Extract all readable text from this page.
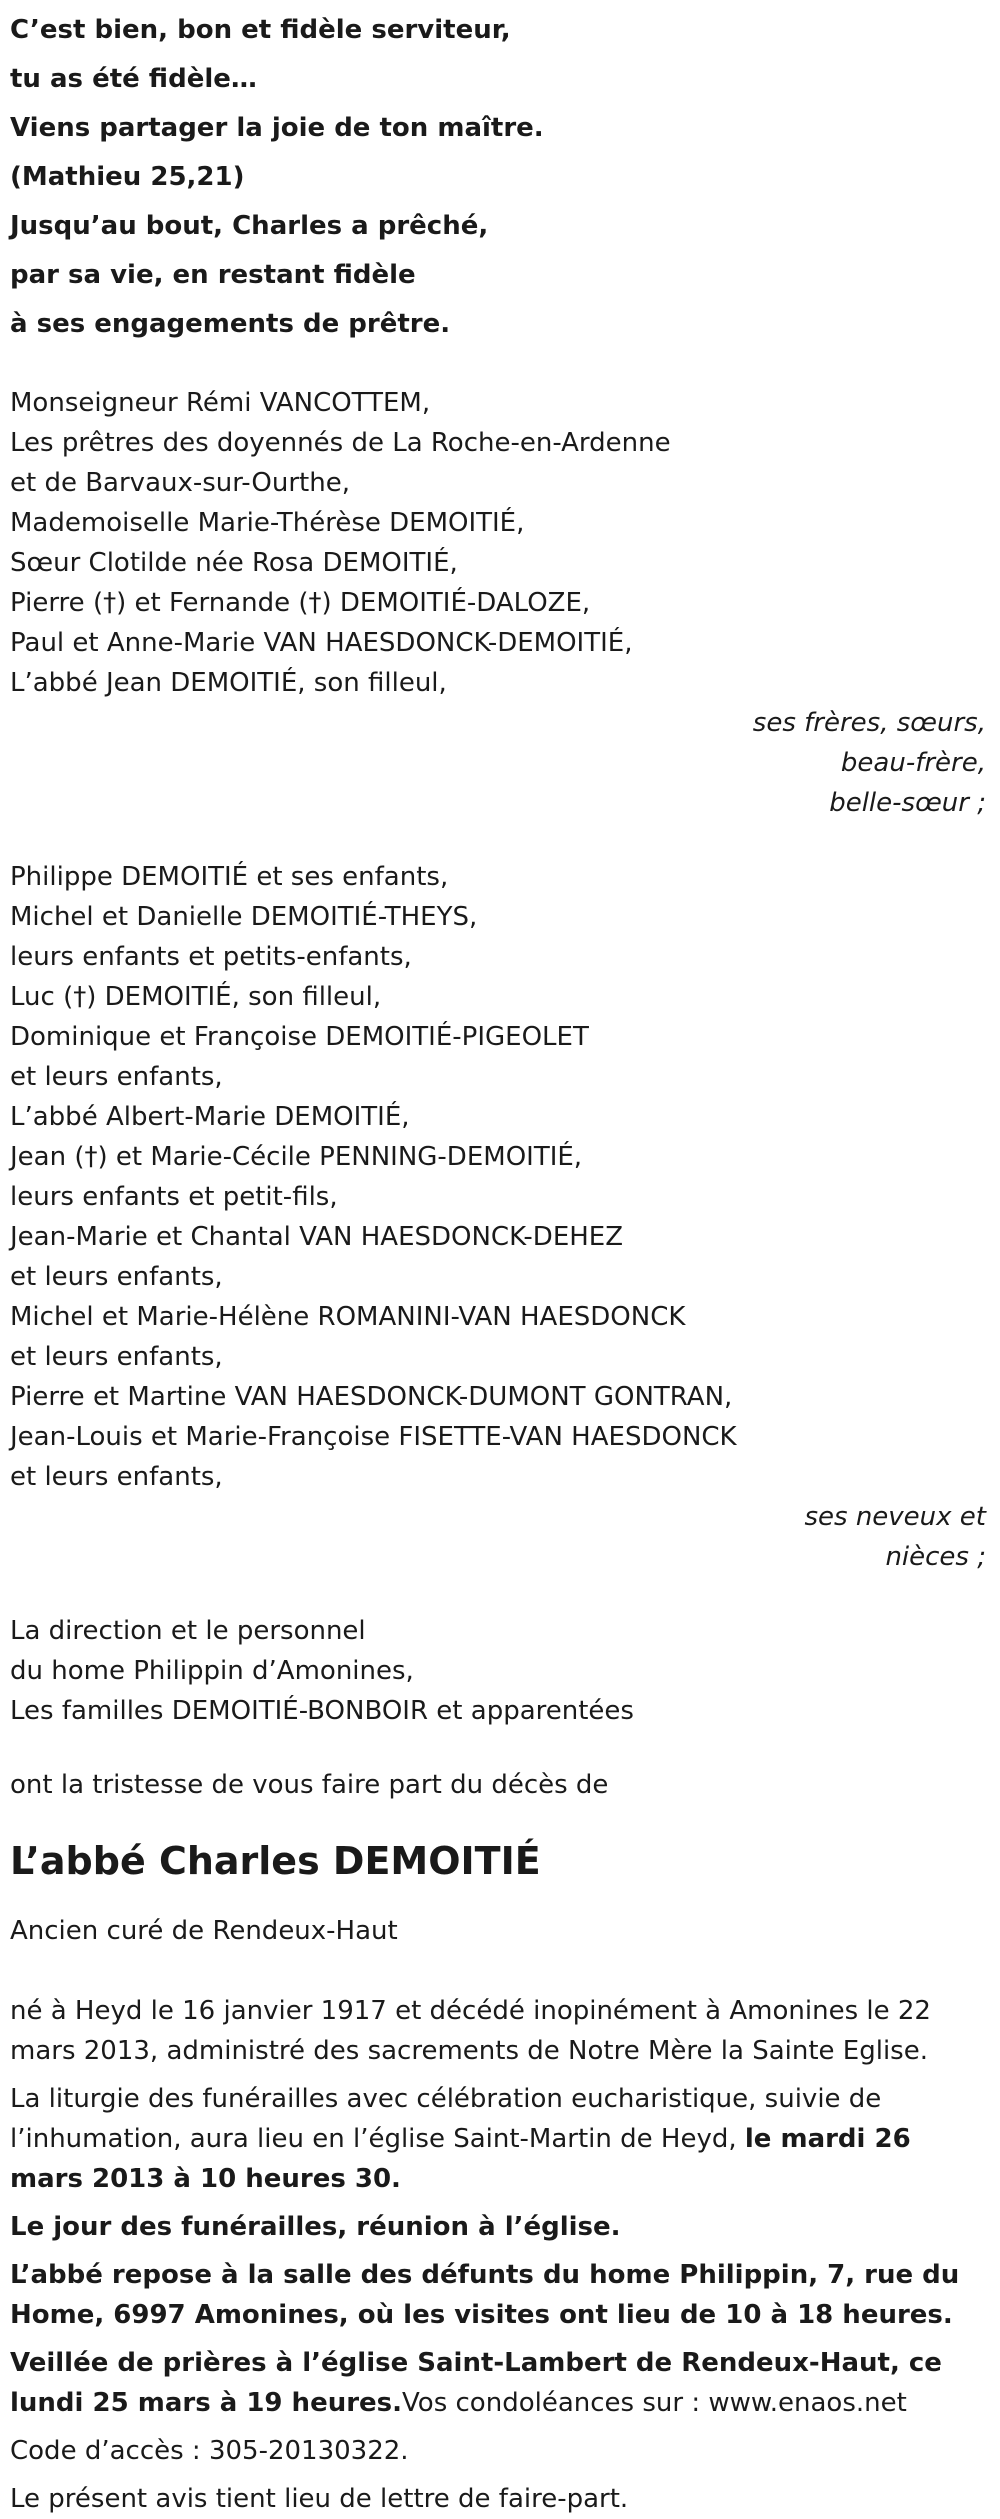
C’est bien, bon et fidèle serviteur,
tu as été fidèle…
Viens partager la joie de ton maître.
(Mathieu 25,21)
Jusqu’au bout, Charles a prêché,
par sa vie, en restant fidèle
à ses engagements de prêtre.
Monseigneur Rémi VANCOTTEM,
Les prêtres des doyennés de La Roche-en-Ardenne
et de Barvaux-sur-Ourthe,
Mademoiselle Marie-Thérèse DEMOITIÉ,
Sœur Clotilde née Rosa DEMOITIÉ,
Pierre (†) et Fernande (†) DEMOITIÉ-DALOZE,
Paul et Anne-Marie VAN HAESDONCK-DEMOITIÉ,
L’abbé Jean DEMOITIÉ, son filleul,
ses frères, sœurs,
beau-frère,
belle-sœur ;
Philippe DEMOITIÉ et ses enfants,
Michel et Danielle DEMOITIÉ-THEYS,
leurs enfants et petits-enfants,
Luc (†) DEMOITIÉ, son filleul,
Dominique et Françoise DEMOITIÉ-PIGEOLET
et leurs enfants,
L’abbé Albert-Marie DEMOITIÉ,
Jean (†) et Marie-Cécile PENNING-DEMOITIÉ,
leurs enfants et petit-fils,
Jean-Marie et Chantal VAN HAESDONCK-DEHEZ
et leurs enfants,
Michel et Marie-Hélène ROMANINI-VAN HAESDONCK
et leurs enfants,
Pierre et Martine VAN HAESDONCK-DUMONT GONTRAN,
Jean-Louis et Marie-Françoise FISETTE-VAN HAESDONCK
et leurs enfants,
ses neveux et
nièces ;
La direction et le personnel
du home Philippin d’Amonines,
Les familles DEMOITIÉ-BONBOIR et apparentées
ont la tristesse de vous faire part du décès de
L’abbé Charles DEMOITIÉ
Ancien curé de Rendeux-Haut
né à Heyd le 16 janvier 1917 et décédé inopinément à Amonines le 22 mars 2013, administré des sacrements de Notre Mère la Sainte Eglise.
La liturgie des funérailles avec célébration eucharistique, suivie de l’inhumation, aura lieu en l’église Saint-Martin de Heyd, le mardi 26 mars 2013 à 10 heures 30.
Le jour des funérailles, réunion à l’église.
L’abbé repose à la salle des défunts du home Philippin, 7, rue du Home, 6997 Amonines, où les visites ont lieu de 10 à 18 heures.
Veillée de prières à l’église Saint-Lambert de Rendeux-Haut, ce lundi 25 mars à 19 heures.Vos condoléances sur : www.enaos.net
Code d’accès : 305-20130322.
Le présent avis tient lieu de lettre de faire-part.
